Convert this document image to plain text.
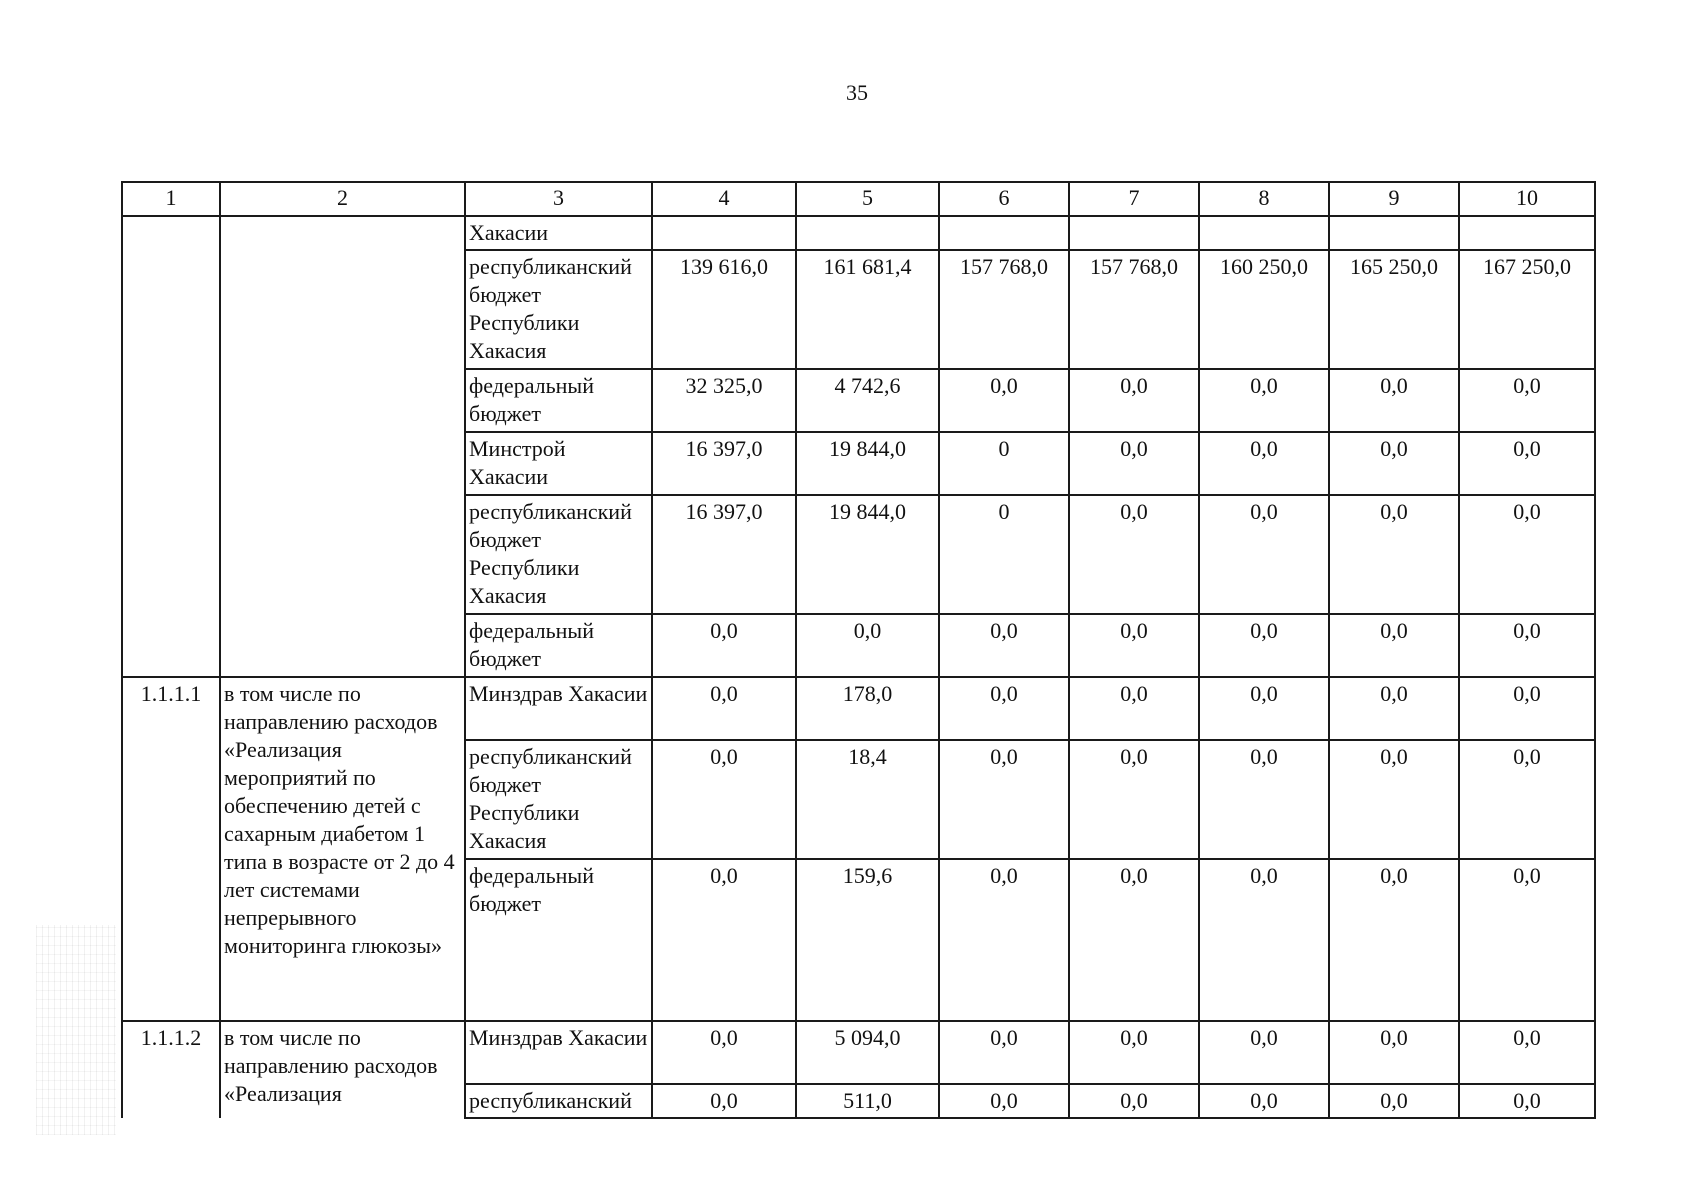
35
1	2	3	4	5	6	7	8	9	10
		Хакасии							
		республиканский бюджет Республики Хакасия	139 616,0	161 681,4	157 768,0	157 768,0	160 250,0	165 250,0	167 250,0
		федеральный бюджет	32 325,0	4 742,6	0,0	0,0	0,0	0,0	0,0
		Минстрой Хакасии	16 397,0	19 844,0	0	0,0	0,0	0,0	0,0
		республиканский бюджет Республики Хакасия	16 397,0	19 844,0	0	0,0	0,0	0,0	0,0
		федеральный бюджет	0,0	0,0	0,0	0,0	0,0	0,0	0,0
1.1.1.1	в том числе по направлению расходов «Реализация мероприятий по обеспечению детей с сахарным диабетом 1 типа в возрасте от 2 до 4 лет системами непрерывного мониторинга глюкозы»	Минздрав Хакасии	0,0	178,0	0,0	0,0	0,0	0,0	0,0
		республиканский бюджет Республики Хакасия	0,0	18,4	0,0	0,0	0,0	0,0	0,0
		федеральный бюджет	0,0	159,6	0,0	0,0	0,0	0,0	0,0
1.1.1.2	в том числе по направлению расходов «Реализация	Минздрав Хакасии	0,0	5 094,0	0,0	0,0	0,0	0,0	0,0
		республиканский	0,0	511,0	0,0	0,0	0,0	0,0	0,0
